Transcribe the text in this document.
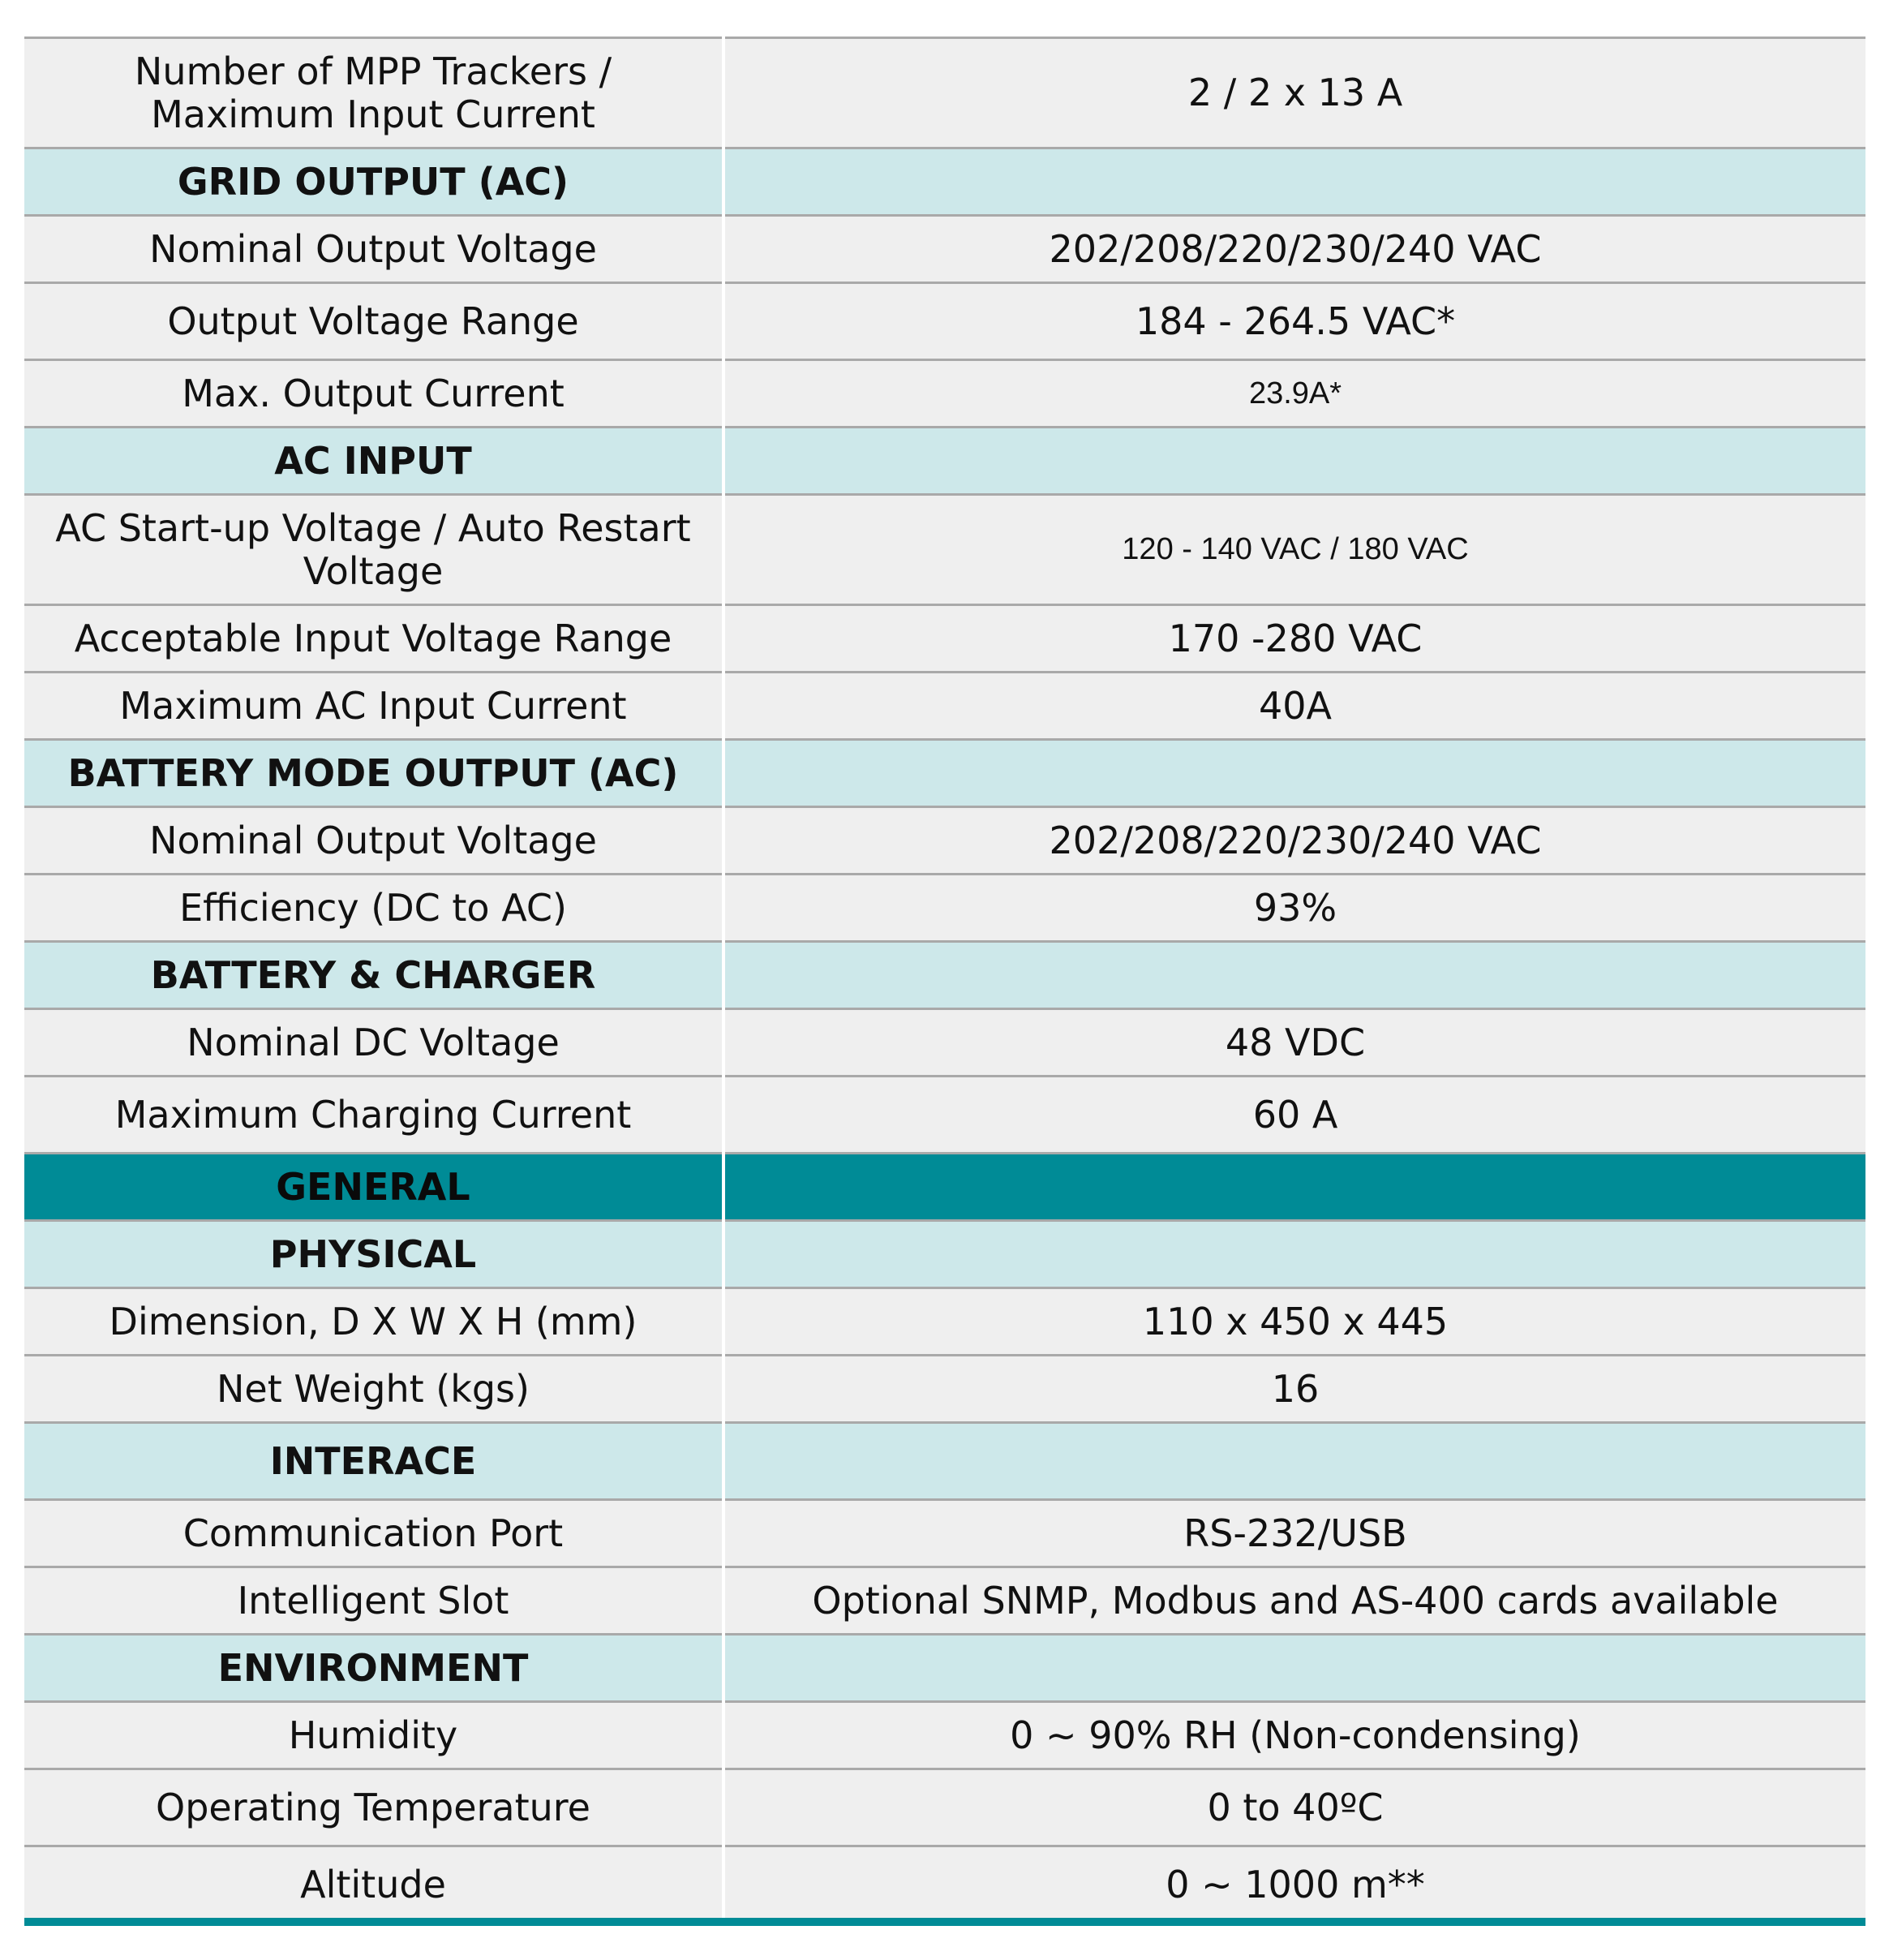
Number of MPP Trackers / Maximum Input Current	2 / 2 x 13 A
GRID OUTPUT (AC)	
Nominal Output Voltage	202/208/220/230/240 VAC
Output Voltage Range	184 - 264.5 VAC*
Max. Output Current	23.9A*
AC INPUT	
AC Start-up Voltage / Auto Restart Voltage	120 - 140 VAC / 180 VAC
Acceptable Input Voltage Range	170 -280 VAC
Maximum AC Input Current	40A
BATTERY MODE OUTPUT (AC)	
Nominal Output Voltage	202/208/220/230/240 VAC
Efficiency (DC to AC)	93%
BATTERY & CHARGER	
Nominal DC Voltage	48 VDC
Maximum Charging Current	60 A
GENERAL	
PHYSICAL	
Dimension, D X W X H (mm)	110 x 450 x 445
Net Weight (kgs)	16
INTERACE	
Communication Port	RS-232/USB
Intelligent Slot	Optional SNMP, Modbus and AS-400 cards available
ENVIRONMENT	
Humidity	0 ~ 90% RH (Non-condensing)
Operating Temperature	0 to 40ºC
Altitude	0 ~ 1000 m**
